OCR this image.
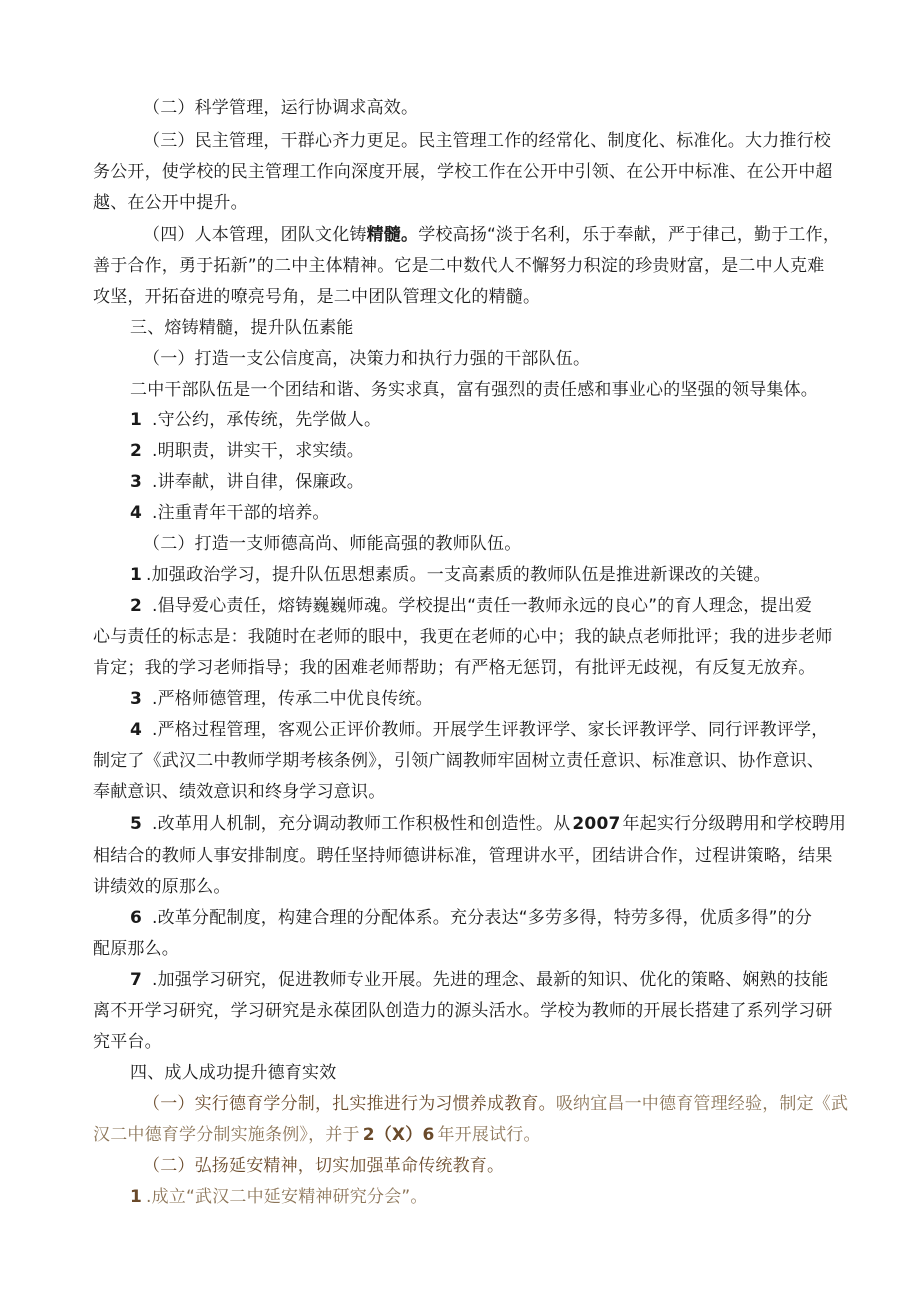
（二）科学管理，运行协调求高效。
（三）民主管理，干群心齐力更足。民主管理工作的经常化、制度化、标准化。大力推行校
务公开，使学校的民主管理工作向深度开展，学校工作在公开中引领、在公开中标准、在公开中超
越、在公开中提升。
（四）人本管理，团队文化铸精髓。学校高扬“淡于名利，乐于奉献，严于律己，勤于工作，
善于合作，勇于拓新”的二中主体精神。它是二中数代人不懈努力积淀的珍贵财富，是二中人克难
攻坚，开拓奋进的嘹亮号角，是二中团队管理文化的精髓。
三、熔铸精髓，提升队伍素能
（一）打造一支公信度高，决策力和执行力强的干部队伍。
二中干部队伍是一个团结和谐、务实求真，富有强烈的责任感和事业心的坚强的领导集体。
1 .守公约，承传统，先学做人。
2 .明职责，讲实干，求实绩。
3 .讲奉献，讲自律，保廉政。
4 .注重青年干部的培养。
（二）打造一支师德高尚、师能高强的教师队伍。
1 .加强政治学习，提升队伍思想素质。一支高素质的教师队伍是推进新课改的关键。
2 .倡导爱心责任，熔铸巍巍师魂。学校提出“责任一教师永远的良心”的育人理念，提出爱
心与责任的标志是：我随时在老师的眼中，我更在老师的心中；我的缺点老师批评；我的进步老师
肯定；我的学习老师指导；我的困难老师帮助；有严格无惩罚，有批评无歧视，有反复无放弃。
3 .严格师德管理，传承二中优良传统。
4 .严格过程管理，客观公正评价教师。开展学生评教评学、家长评教评学、同行评教评学，
制定了《武汉二中教师学期考核条例》，引领广阔教师牢固树立责任意识、标准意识、协作意识、
奉献意识、绩效意识和终身学习意识。
5 .改革用人机制，充分调动教师工作积极性和创造性。从 2007 年起实行分级聘用和学校聘用
相结合的教师人事安排制度。聘任坚持师德讲标准，管理讲水平，团结讲合作，过程讲策略，结果
讲绩效的原那么。
6 .改革分配制度，构建合理的分配体系。充分表达“多劳多得，特劳多得，优质多得”的分
配原那么。
7 .加强学习研究，促进教师专业开展。先进的理念、最新的知识、优化的策略、娴熟的技能
离不开学习研究，学习研究是永葆团队创造力的源头活水。学校为教师的开展长搭建了系列学习研
究平台。
四、成人成功提升德育实效
（一）实行德育学分制，扎实推进行为习惯养成教育。吸纳宜昌一中德育管理经验，制定《武
汉二中德育学分制实施条例》，并于 2（X）6 年开展试行。
（二）弘扬延安精神，切实加强革命传统教育。
1 .成立“武汉二中延安精神研究分会”。
